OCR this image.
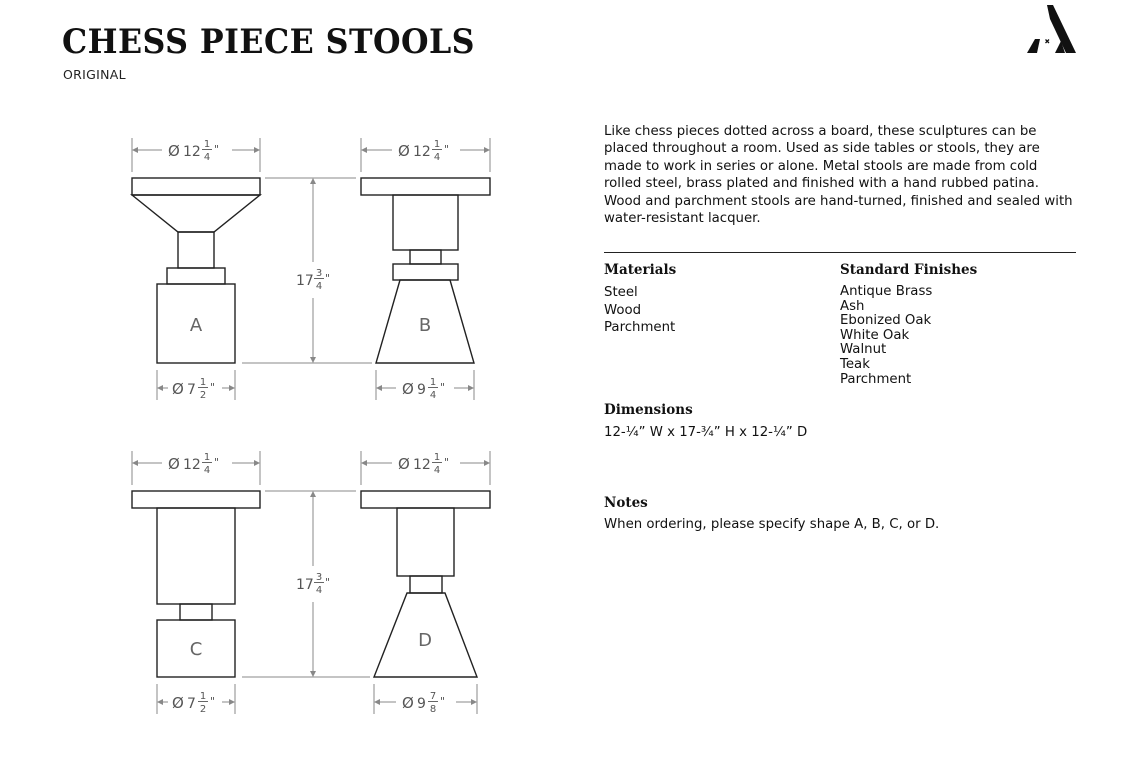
CHESS PIECE STOOLS
ORIGINAL
A	B
C	D
Ø 12 1
4
"	Ø 12 1
4
"
Ø 7 1
2
"	Ø 9 1
4
"
17 3
4
"
Ø 12 1
4
"	Ø 12 1
4
"
Ø 7 1
2
"	Ø 9 7
8
"
17 3
4
"

Like chess pieces dotted across a board, these sculptures can be placed throughout a room. Used as side tables or stools, they are made to work in series or alone. Metal stools are made from cold rolled steel, brass plated and finished with a hand rubbed patina. Wood and parchment stools are hand-turned, finished and sealed with water-resistant lacquer.

Materials
Steel
Wood
Parchment
Standard Finishes
Antique Brass
Ash
Ebonized Oak
White Oak
Walnut
Teak
Parchment
Dimensions

12-¼” W x 17-¾” H x 12-¼” D

Notes

When ordering, please specify shape A, B, C, or D.
